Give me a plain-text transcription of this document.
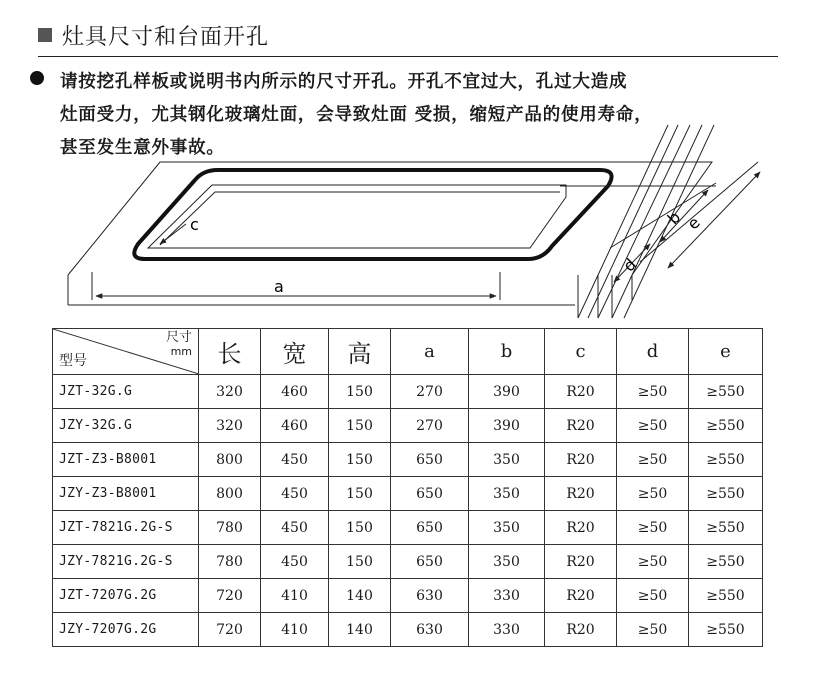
灶具尺寸和台面开孔
请按挖孔样板或说明书内所示的尺寸开孔。开孔不宜过大，孔过大造成
灶面受力，尤其钢化玻璃灶面，会导致灶面 受损，缩短产品的使用寿命，
甚至发生意外事故。
c
a
b e
d
尺寸
mm
型号	长	宽	高	a	b	c	d	e
JZT-32G.G	320	460	150	270	390	R20	≥50	≥550
JZY-32G.G	320	460	150	270	390	R20	≥50	≥550
JZT-Z3-B8001	800	450	150	650	350	R20	≥50	≥550
JZY-Z3-B8001	800	450	150	650	350	R20	≥50	≥550
JZT-7821G.2G-S	780	450	150	650	350	R20	≥50	≥550
JZY-7821G.2G-S	780	450	150	650	350	R20	≥50	≥550
JZT-7207G.2G	720	410	140	630	330	R20	≥50	≥550
JZY-7207G.2G	720	410	140	630	330	R20	≥50	≥550
